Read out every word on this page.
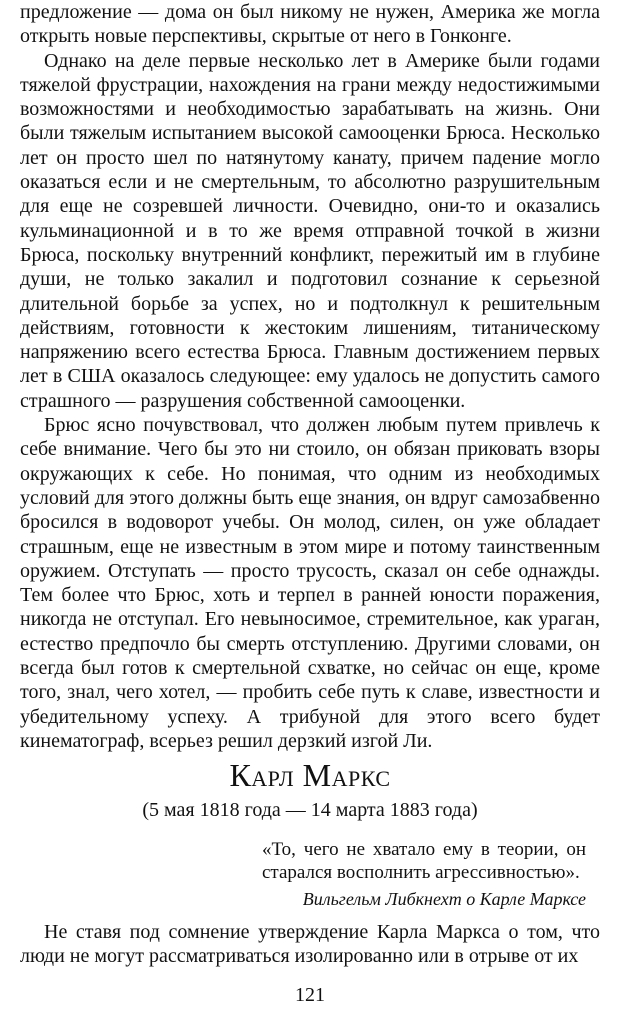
предложение — дома он был никому не нужен, Америка же могла открыть новые перспективы, скрытые от него в Гонконге.

Однако на деле первые несколько лет в Америке были годами тяжелой фрустрации, нахождения на грани между недостижимыми возможностями и необходимостью зарабатывать на жизнь. Они были тяжелым испытанием высокой самооценки Брюса. Несколько лет он просто шел по натянутому канату, причем падение могло оказаться если и не смертельным, то абсолютно разрушительным для еще не созревшей личности. Очевидно, они-то и оказались кульминационной и в то же время отправной точкой в жизни Брюса, поскольку внутренний конфликт, пережитый им в глубине души, не только закалил и подготовил сознание к серьезной длительной борьбе за успех, но и подтолкнул к решительным действиям, готовности к жестоким лишениям, титаническому напряжению всего естества Брюса. Главным достижением первых лет в США оказалось следующее: ему удалось не допустить самого страшного — разрушения собственной самооценки.

Брюс ясно почувствовал, что должен любым путем привлечь к себе внимание. Чего бы это ни стоило, он обязан приковать взоры окружающих к себе. Но понимая, что одним из необходимых условий для этого должны быть еще знания, он вдруг самозабвенно бросился в водоворот учебы. Он молод, силен, он уже обладает страшным, еще не известным в этом мире и потому таинственным оружием. Отступать — просто трусость, сказал он себе однажды. Тем более что Брюс, хоть и терпел в ранней юности поражения, никогда не отступал. Его невыносимое, стремительное, как ураган, естество предпочло бы смерть отступлению. Другими словами, он всегда был готов к смертельной схватке, но сейчас он еще, кроме того, знал, чего хотел, — пробить себе путь к славе, известности и убедительному успеху. А трибуной для этого всего будет кинематограф, всерьез решил дерзкий изгой Ли.

Карл Маркс
(5 мая 1818 года — 14 марта 1883 года)

«То, чего не хватало ему в теории, он старался восполнить агрессивностью».

Вильгельм Либкнехт о Карле Марксе

Не ставя под сомнение утверждение Карла Маркса о том, что люди не могут рассматриваться изолированно или в отрыве от их

121
